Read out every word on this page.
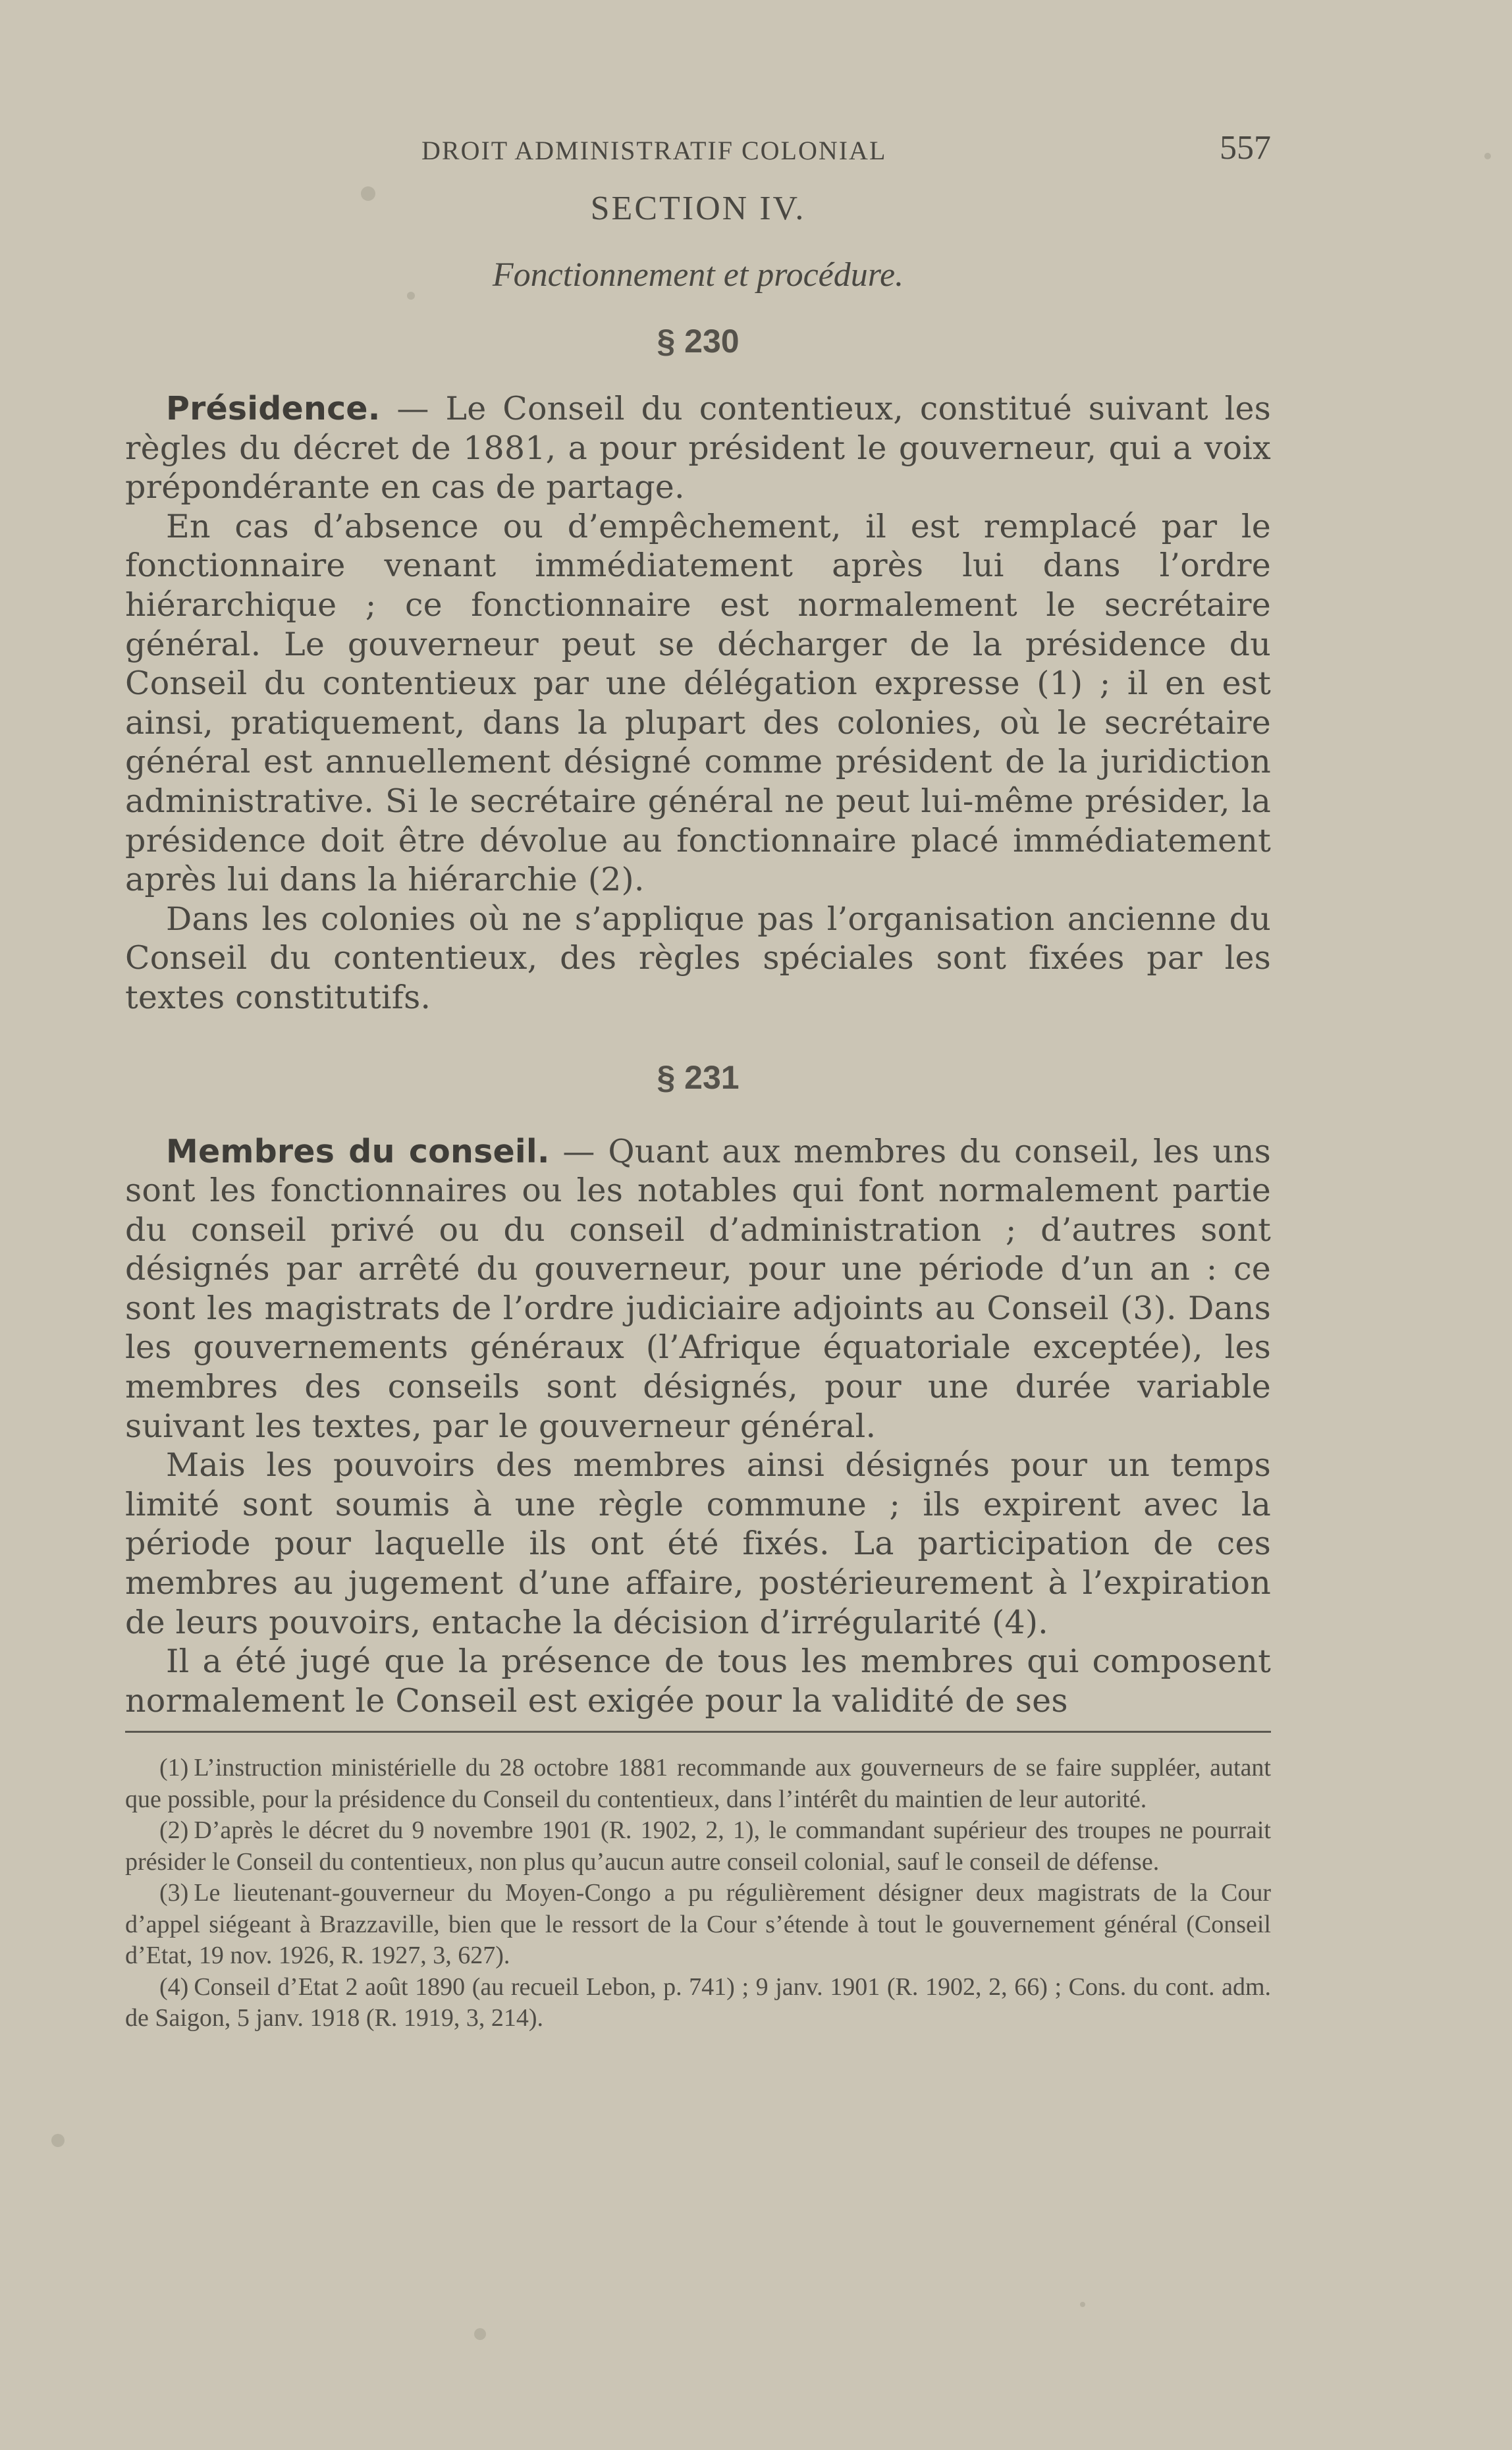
DROIT ADMINISTRATIF COLONIAL	557
SECTION IV.
Fonctionnement et procédure.
§ 230

Présidence. — Le Conseil du contentieux, constitué suivant les règles du décret de 1881, a pour président le gouverneur, qui a voix prépondérante en cas de partage.

En cas d’absence ou d’empêchement, il est remplacé par le fonctionnaire venant immédiatement après lui dans l’ordre hiérarchique ; ce fonctionnaire est normalement le secrétaire général. Le gouverneur peut se décharger de la présidence du Conseil du contentieux par une délégation expresse (1) ; il en est ainsi, pratiquement, dans la plupart des colonies, où le secrétaire général est annuellement désigné comme président de la juridiction administrative. Si le secrétaire général ne peut lui-même présider, la présidence doit être dévolue au fonctionnaire placé immédiatement après lui dans la hiérarchie (2).

Dans les colonies où ne s’applique pas l’organisation ancienne du Conseil du contentieux, des règles spéciales sont fixées par les textes constitutifs.

§ 231

Membres du conseil. — Quant aux membres du conseil, les uns sont les fonctionnaires ou les notables qui font normalement partie du conseil privé ou du conseil d’administration ; d’autres sont désignés par arrêté du gouverneur, pour une période d’un an : ce sont les magistrats de l’ordre judiciaire adjoints au Conseil (3). Dans les gouvernements généraux (l’Afrique équatoriale exceptée), les membres des conseils sont désignés, pour une durée variable suivant les textes, par le gouverneur général.

Mais les pouvoirs des membres ainsi désignés pour un temps limité sont soumis à une règle commune ; ils expirent avec la période pour laquelle ils ont été fixés. La participation de ces membres au jugement d’une affaire, postérieurement à l’expiration de leurs pouvoirs, entache la décision d’irrégularité (4).

Il a été jugé que la présence de tous les membres qui composent normalement le Conseil est exigée pour la validité de ses

(1) L’instruction ministérielle du 28 octobre 1881 recommande aux gouverneurs de se faire suppléer, autant que possible, pour la présidence du Conseil du contentieux, dans l’intérêt du maintien de leur autorité.

(2) D’après le décret du 9 novembre 1901 (R. 1902, 2, 1), le commandant supérieur des troupes ne pourrait présider le Conseil du contentieux, non plus qu’aucun autre conseil colonial, sauf le conseil de défense.

(3) Le lieutenant-gouverneur du Moyen-Congo a pu régulièrement désigner deux magistrats de la Cour d’appel siégeant à Brazzaville, bien que le ressort de la Cour s’étende à tout le gouvernement général (Conseil d’Etat, 19 nov. 1926, R. 1927, 3, 627).

(4) Conseil d’Etat 2 août 1890 (au recueil Lebon, p. 741) ; 9 janv. 1901 (R. 1902, 2, 66) ; Cons. du cont. adm. de Saigon, 5 janv. 1918 (R. 1919, 3, 214).
